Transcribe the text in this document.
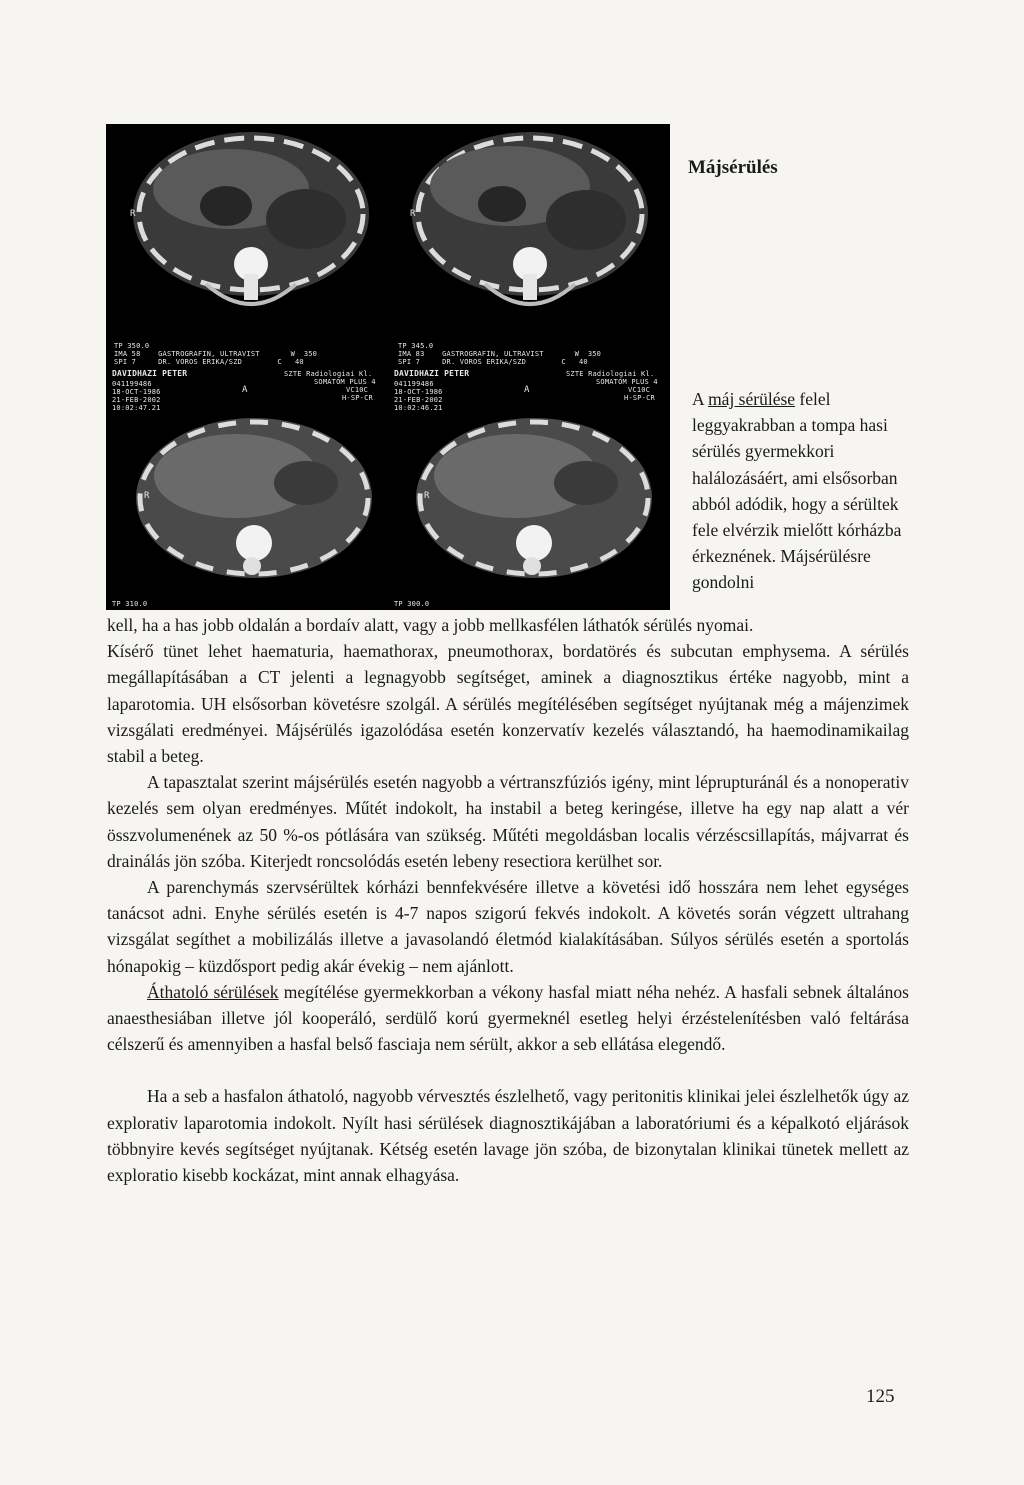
TP 350.0
IMA 58    GASTROGRAFIN, ULTRAVIST       W  350
SPI 7     DR. VOROS ERIKA/SZD        C   40
R
TP 345.0
IMA 83    GASTROGRAFIN, ULTRAVIST       W  350
SPI 7     DR. VOROS ERIKA/SZD        C   40
R
DAVIDHAZI PETER
041199486
18-OCT-1986
21-FEB-2002
10:02:47.21
SZTE Radiologiai Kl.
SOMATOM PLUS 4
VC10C
H-SP-CR
A
R
TP 310.0
DAVIDHAZI PETER
041199486
18-OCT-1986
21-FEB-2002
10:02:46.21
SZTE Radiologiai Kl.
SOMATOM PLUS 4
VC10C
H-SP-CR
A
R
TP 300.0
Májsérülés

A máj sérülése felel leggyakrabban a tompa hasi sérülés gyermekkori halálozásáért, ami elsősorban abból adódik, hogy a sérültek fele elvérzik mielőtt kórházba érkeznének. Májsérülésre gondolni

kell, ha a has jobb oldalán a bordaív alatt, vagy a jobb mellkasfélen láthatók sérülés nyomai.

Kísérő tünet lehet haematuria, haemathorax, pneumothorax, bordatörés és subcutan emphysema. A sérülés megállapításában a CT jelenti a legnagyobb segítséget, aminek a diagnosztikus értéke nagyobb, mint a laparotomia. UH elsősorban követésre szolgál. A sérülés megítélésében segítséget nyújtanak még a májenzimek vizsgálati eredményei. Májsérülés igazolódása esetén konzervatív kezelés választandó, ha haemodinamikailag stabil a beteg.

A tapasztalat szerint májsérülés esetén nagyobb a vértranszfúziós igény, mint léprupturánál és a nonoperativ kezelés sem olyan eredményes. Műtét indokolt, ha instabil a beteg keringése, illetve ha egy nap alatt a vér összvolumenének az 50 %-os pótlására van szükség. Műtéti megoldásban localis vérzéscsillapítás, májvarrat és drainálás jön szóba. Kiterjedt roncsolódás esetén lebeny resectiora kerülhet sor.

A parenchymás szervsérültek kórházi bennfekvésére illetve a követési idő hosszára nem lehet egységes tanácsot adni. Enyhe sérülés esetén is 4-7 napos szigorú fekvés indokolt. A követés során végzett ultrahang vizsgálat segíthet a mobilizálás illetve a javasolandó életmód kialakításában. Súlyos sérülés esetén a sportolás hónapokig – küzdősport pedig akár évekig – nem ajánlott.

Áthatoló sérülések megítélése gyermekkorban a vékony hasfal miatt néha nehéz. A hasfali sebnek általános anaesthesiában illetve jól kooperáló, serdülő korú gyermeknél esetleg helyi érzéstelenítésben való feltárása célszerű és amennyiben a hasfal belső fasciaja nem sérült, akkor a seb ellátása elegendő.

Ha a seb a hasfalon áthatoló, nagyobb vérvesztés észlelhető, vagy peritonitis klinikai jelei észlelhetők úgy az explorativ laparotomia indokolt. Nyílt hasi sérülések diagnosztikájában a laboratóriumi és a képalkotó eljárások többnyire kevés segítséget nyújtanak. Kétség esetén lavage jön szóba, de bizonytalan klinikai tünetek mellett az exploratio kisebb kockázat, mint annak elhagyása.

125
